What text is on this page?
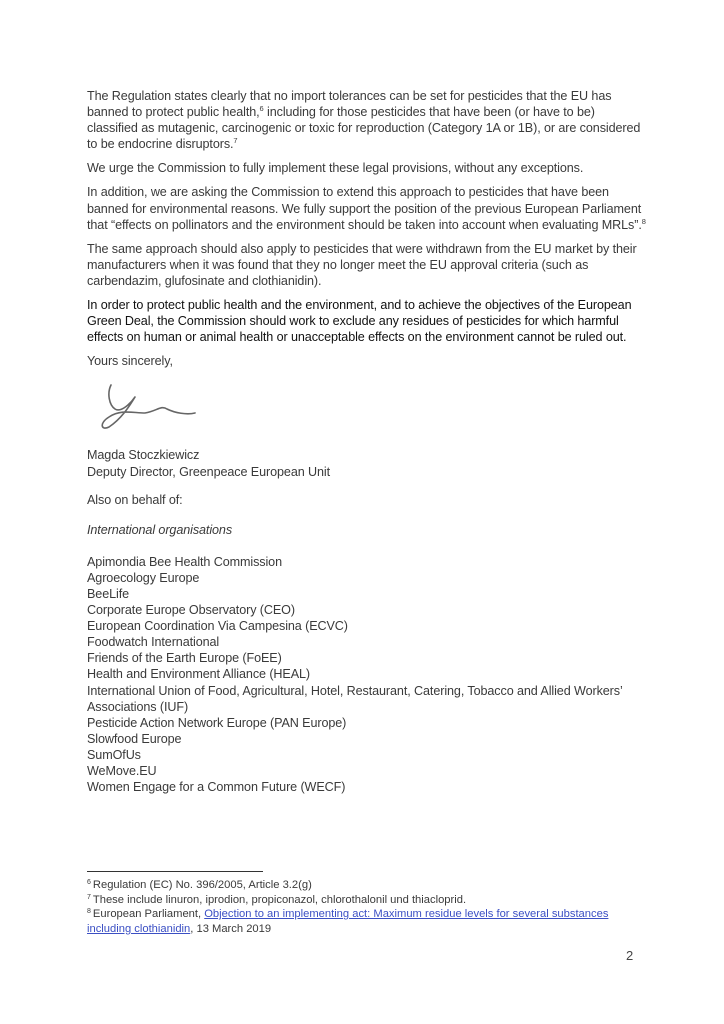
The Regulation states clearly that no import tolerances can be set for pesticides that the EU has banned to protect public health,$^6$ including for those pesticides that have been (or have to be) classified as mutagenic, carcinogenic or toxic for reproduction (Category 1A or 1B), or are considered to be endocrine disruptors.$^7$

We urge the Commission to fully implement these legal provisions, without any exceptions.

In addition, we are asking the Commission to extend this approach to pesticides that have been banned for environmental reasons. We fully support the position of the previous European Parliament that “effects on pollinators and the environment should be taken into account when evaluating MRLs”.$^8$

The same approach should also apply to pesticides that were withdrawn from the EU market by their manufacturers when it was found that they no longer meet the EU approval criteria (such as carbendazim, glufosinate and clothianidin).

In order to protect public health and the environment, and to achieve the objectives of the European Green Deal, the Commission should work to exclude any residues of pesticides for which harmful effects on human or animal health or unacceptable effects on the environment cannot be ruled out.

Yours sincerely,

Magda Stoczkiewicz

Deputy Director, Greenpeace European Unit

Also on behalf of:

International organisations

Apimondia Bee Health Commission
Agroecology Europe
BeeLife
Corporate Europe Observatory (CEO)
European Coordination Via Campesina (ECVC)
Foodwatch International
Friends of the Earth Europe (FoEE)
Health and Environment Alliance (HEAL)
International Union of Food, Agricultural, Hotel, Restaurant, Catering, Tobacco and Allied Workers’ Associations (IUF)
Pesticide Action Network Europe (PAN Europe)
Slowfood Europe
SumOfUs
WeMove.EU
Women Engage for a Common Future (WECF)

$^6$ Regulation (EC) No. 396/2005, Article 3.2(g)

$^7$ These include linuron, iprodion, propiconazol, chlorothalonil und thiacloprid.

$^8$ European Parliament, Objection to an implementing act: Maximum residue levels for several substances including clothianidin, 13 March 2019

2
